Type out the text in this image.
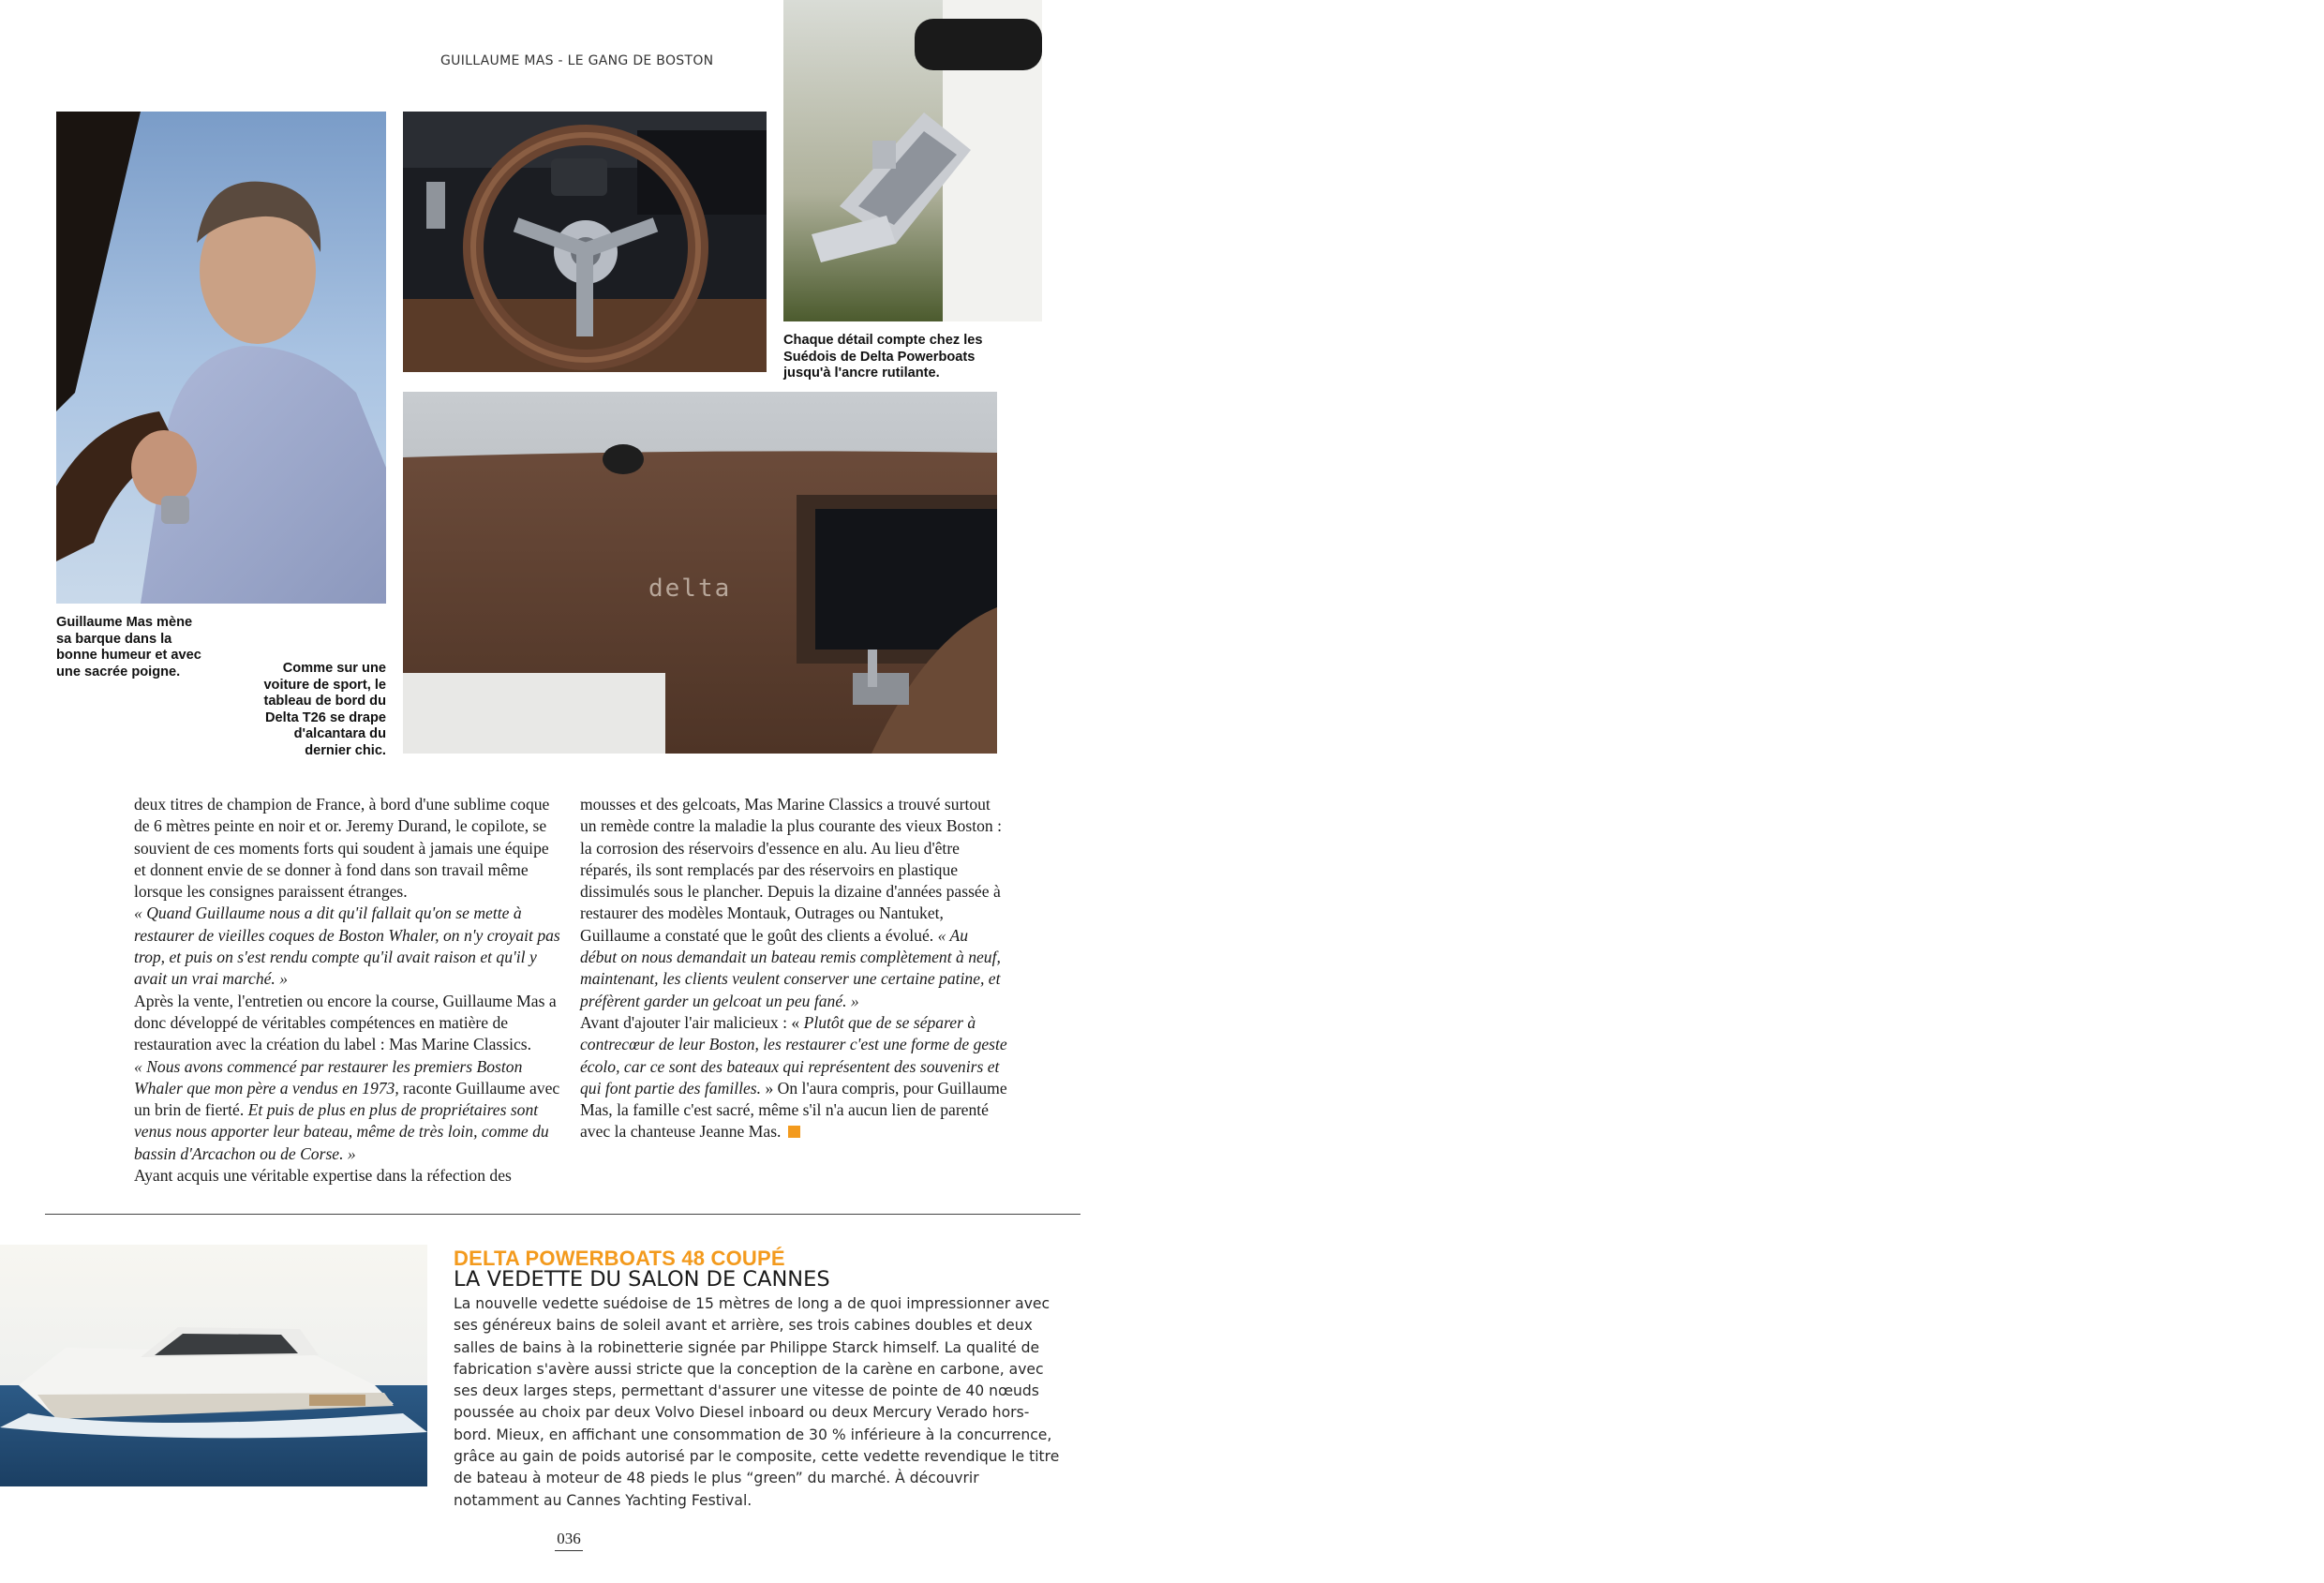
GUILLAUME MAS - LE GANG DE BOSTON
delta
Guillaume Mas mène
sa barque dans la
bonne humeur et avec
une sacrée poigne.	Comme sur une
voiture de sport, le
tableau de bord du
Delta T26 se drape
d'alcantara du
dernier chic.
Chaque détail compte chez les
Suédois de Delta Powerboats
jusqu'à l'ancre rutilante.

deux titres de champion de France, à bord d'une sublime coque de 6 mètres peinte en noir et or. Jeremy Durand, le copilote, se souvient de ces moments forts qui soudent à jamais une équipe et donnent envie de se donner à fond dans son travail même lorsque les consignes paraissent étranges.

« Quand Guillaume nous a dit qu'il fallait qu'on se mette à restaurer de vieilles coques de Boston Whaler, on n'y croyait pas trop, et puis on s'est rendu compte qu'il avait raison et qu'il y avait un vrai marché. »

Après la vente, l'entretien ou encore la course, Guillaume Mas a donc développé de véritables compétences en matière de restauration avec la création du label : Mas Marine Classics.

« Nous avons commencé par restaurer les premiers Boston Whaler que mon père a vendus en 1973, raconte Guillaume avec un brin de fierté. Et puis de plus en plus de propriétaires sont venus nous apporter leur bateau, même de très loin, comme du bassin d'Arcachon ou de Corse. »

Ayant acquis une véritable expertise dans la réfection des

mousses et des gelcoats, Mas Marine Classics a trouvé surtout un remède contre la maladie la plus courante des vieux Boston : la corrosion des réservoirs d'essence en alu. Au lieu d'être réparés, ils sont remplacés par des réservoirs en plastique dissimulés sous le plancher. Depuis la dizaine d'années passée à restaurer des modèles Montauk, Outrages ou Nantuket, Guillaume a constaté que le goût des clients a évolué. « Au début on nous demandait un bateau remis complètement à neuf, maintenant, les clients veulent conserver une certaine patine, et préfèrent garder un gelcoat un peu fané. »

Avant d'ajouter l'air malicieux : « Plutôt que de se séparer à contrecœur de leur Boston, les restaurer c'est une forme de geste écolo, car ce sont des bateaux qui représentent des souvenirs et qui font partie des familles. » On l'aura compris, pour Guillaume Mas, la famille c'est sacré, même s'il n'a aucun lien de parenté avec la chanteuse Jeanne Mas.

DELTA POWERBOATS 48 COUPÉ
LA VEDETTE DU SALON DE CANNES
La nouvelle vedette suédoise de 15 mètres de long a de quoi impressionner avec ses généreux bains de soleil avant et arrière, ses trois cabines doubles et deux salles de bains à la robinetterie signée par Philippe Starck himself. La qualité de fabrication s'avère aussi stricte que la conception de la carène en carbone, avec ses deux larges steps, permettant d'assurer une vitesse de pointe de 40 nœuds poussée au choix par deux Volvo Diesel inboard ou deux Mercury Verado hors-bord. Mieux, en affichant une consommation de 30 % inférieure à la concurrence, grâce au gain de poids autorisé par le composite, cette vedette revendique le titre de bateau à moteur de 48 pieds le plus “green” du marché. À découvrir notamment au Cannes Yachting Festival.
036
